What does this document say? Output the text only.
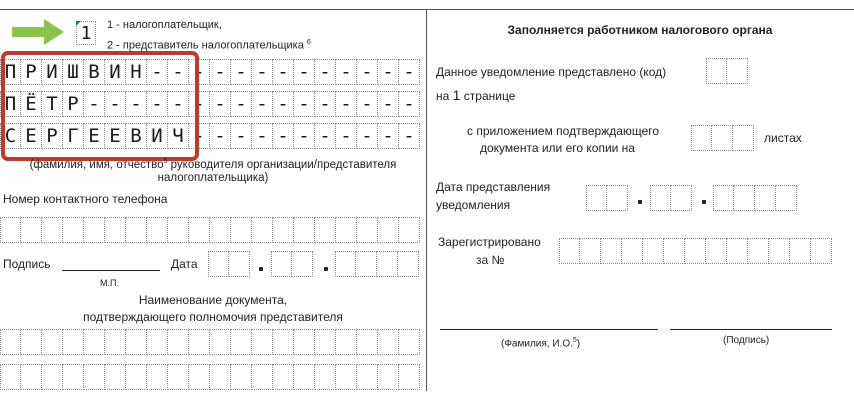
1 1 - налогоплательщик,
2 - представитель налогоплательщика $^6$
П Р И Ш В И Н - - - - - - - - - - - - -
П Ё Т Р - - - - - - - - - - - - - - - -
С Е Р Г Е Е В И Ч - - - - - - - - - - -
(фамилия, имя, отчество$^5$ руководителя организации/представителя
налогоплательщика)
Номер контактного телефона
Подпись
М.П.
Дата
Наименование документа,
подтверждающего полномочия представителя
Заполняется работником налогового органа
Данное уведомление представлено (код)
на 1 странице
с приложением подтверждающего
документа или его копии на
листах
Дата представления
уведомления
Зарегистрировано
за №
(Фамилия, И.О.$^5$)	(Подпись)
